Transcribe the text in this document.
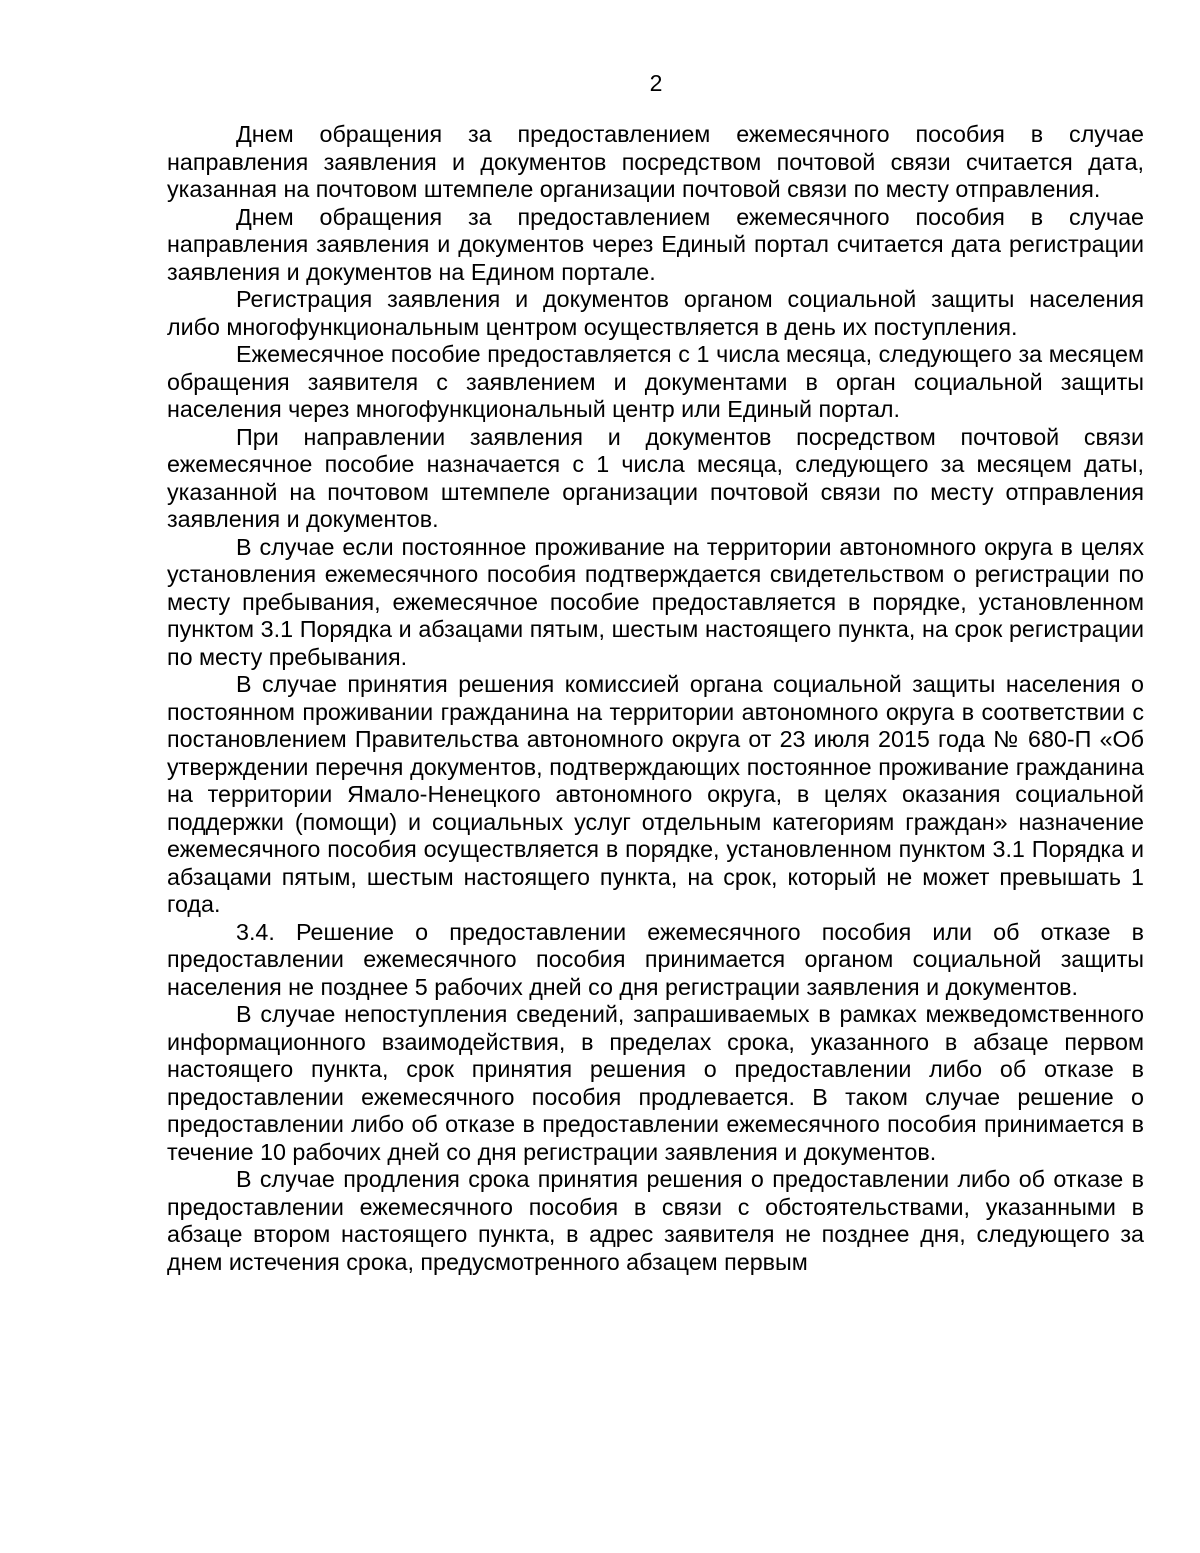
2

Днем обращения за предоставлением ежемесячного пособия в случае направления заявления и документов посредством почтовой связи считается дата, указанная на почтовом штемпеле организации почтовой связи по месту отправления.

Днем обращения за предоставлением ежемесячного пособия в случае направления заявления и документов через Единый портал считается дата регистрации заявления и документов на Едином портале.

Регистрация заявления и документов органом социальной защиты населения либо многофункциональным центром осуществляется в день их поступления.

Ежемесячное пособие предоставляется с 1 числа месяца, следующего за месяцем обращения заявителя с заявлением и документами в орган социальной защиты населения через многофункциональный центр или Единый портал.

При направлении заявления и документов посредством почтовой связи ежемесячное пособие назначается с 1 числа месяца, следующего за месяцем даты, указанной на почтовом штемпеле организации почтовой связи по месту отправления заявления и документов.

В случае если постоянное проживание на территории автономного округа в целях установления ежемесячного пособия подтверждается свидетельством о регистрации по месту пребывания, ежемесячное пособие предоставляется в порядке, установленном пунктом 3.1 Порядка и абзацами пятым, шестым настоящего пункта, на срок регистрации по месту пребывания.

В случае принятия решения комиссией органа социальной защиты населения о постоянном проживании гражданина на территории автономного округа в соответствии с постановлением Правительства автономного округа от 23 июля 2015 года № 680-П «Об утверждении перечня документов, подтверждающих постоянное проживание гражданина на территории Ямало-Ненецкого автономного округа, в целях оказания социальной поддержки (помощи) и социальных услуг отдельным категориям граждан» назначение ежемесячного пособия осуществляется в порядке, установленном пунктом 3.1 Порядка и абзацами пятым, шестым настоящего пункта, на срок, который не может превышать 1 года.

3.4. Решение о предоставлении ежемесячного пособия или об отказе в предоставлении ежемесячного пособия принимается органом социальной защиты населения не позднее 5 рабочих дней со дня регистрации заявления и документов.

В случае непоступления сведений, запрашиваемых в рамках межведомственного информационного взаимодействия, в пределах срока, указанного в абзаце первом настоящего пункта, срок принятия решения о предоставлении либо об отказе в предоставлении ежемесячного пособия продлевается. В таком случае решение о предоставлении либо об отказе в предоставлении ежемесячного пособия принимается в течение 10 рабочих дней со дня регистрации заявления и документов.

В случае продления срока принятия решения о предоставлении либо об отказе в предоставлении ежемесячного пособия в связи с обстоятельствами, указанными в абзаце втором настоящего пункта, в адрес заявителя не позднее дня, следующего за днем истечения срока, предусмотренного абзацем первым
